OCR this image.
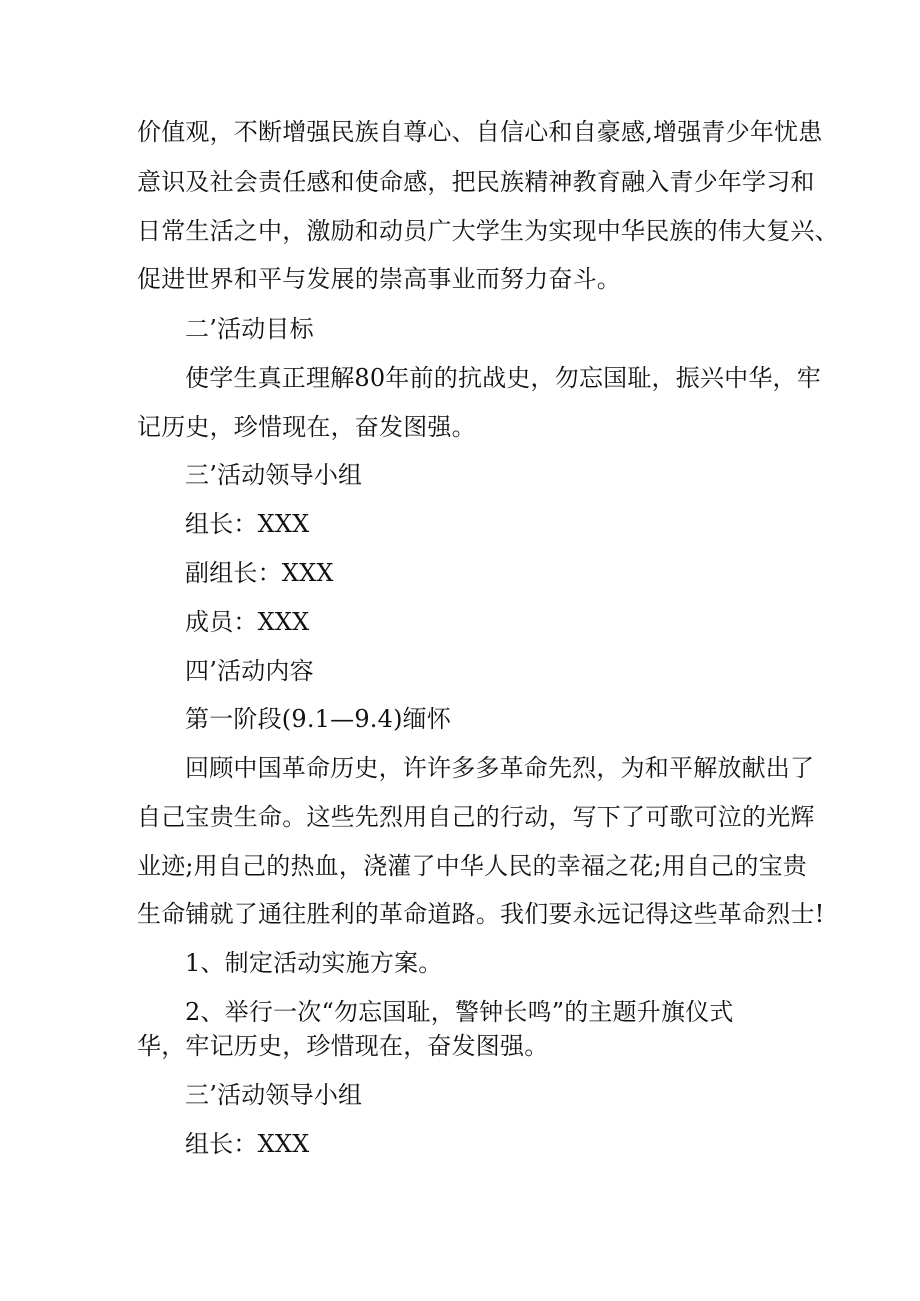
价值观，不断增强民族自尊心、自信心和自豪感,增强青少年忧患
意识及社会责任感和使命感，把民族精神教育融入青少年学习和
日常生活之中，激励和动员广大学生为实现中华民族的伟大复兴、
促进世界和平与发展的崇高事业而努力奋斗。
二’活动目标
使学生真正理解80年前的抗战史，勿忘国耻，振兴中华，牢
记历史，珍惜现在，奋发图强。
三’活动领导小组
组长：XXX
副组长：XXX
成员：XXX
四’活动内容
第一阶段(9.1—9.4)缅怀
回顾中国革命历史，许许多多革命先烈，为和平解放献出了
自己宝贵生命。这些先烈用自己的行动，写下了可歌可泣的光辉
业迹;用自己的热血，浇灌了中华人民的幸福之花;用自己的宝贵
生命铺就了通往胜利的革命道路。我们要永远记得这些革命烈士!
1、制定活动实施方案。
2、举行一次“勿忘国耻，警钟长鸣”的主题升旗仪式
华，牢记历史，珍惜现在，奋发图强。
三’活动领导小组
组长：XXX
